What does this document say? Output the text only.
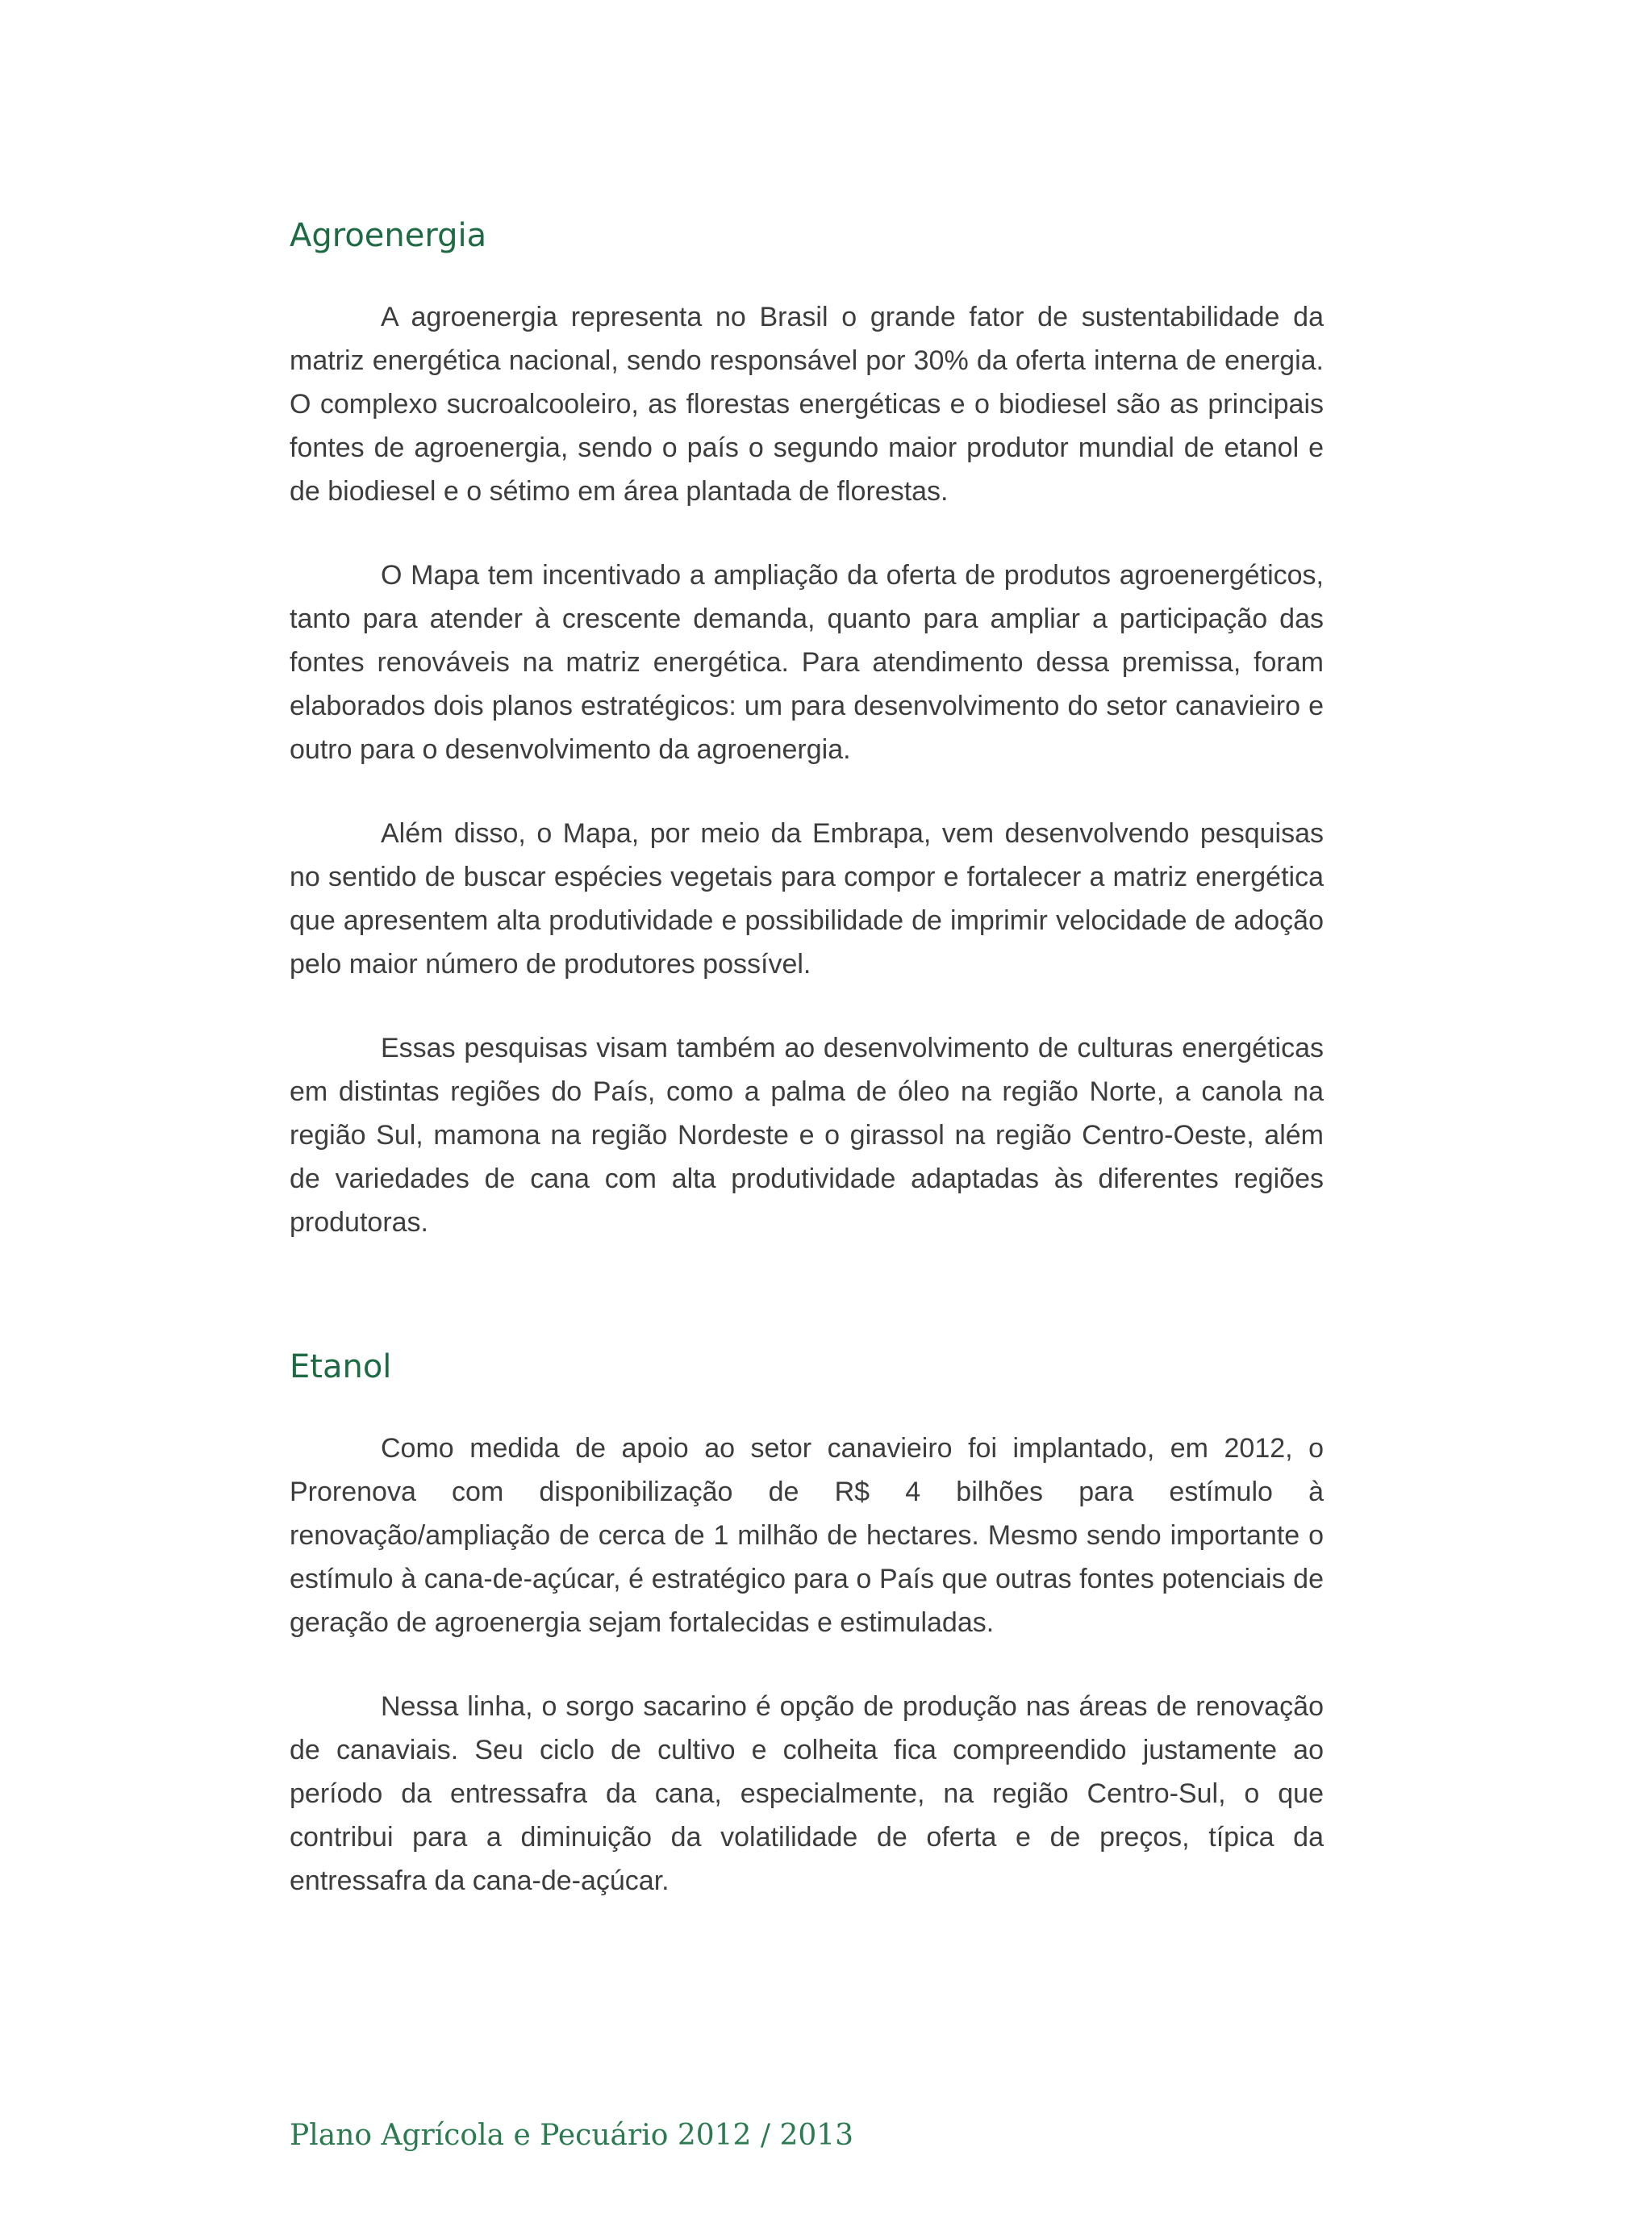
Agroenergia

A agroenergia representa no Brasil o grande fator de sustentabilidade da matriz energética nacional, sendo responsável por 30% da oferta interna de energia. O complexo sucroalcooleiro, as florestas energéticas e o biodiesel são as principais fontes de agroenergia, sendo o país o segundo maior produtor mundial de etanol e de biodiesel e o sétimo em área plantada de florestas.

O Mapa tem incentivado a ampliação da oferta de produtos agroenergéticos, tanto para atender à crescente demanda, quanto para ampliar a participação das fontes renováveis na matriz energética. Para atendimento dessa premissa, foram elaborados dois planos estratégicos: um para desenvolvimento do setor canavieiro e outro para o desenvolvimento da agroenergia.

Além disso, o Mapa, por meio da Embrapa, vem desenvolvendo pesquisas no sentido de buscar espécies vegetais para compor e fortalecer a matriz energética que apresentem alta produtividade e possibilidade de imprimir velocidade de adoção pelo maior número de produtores possível.

Essas pesquisas visam também ao desenvolvimento de culturas energéticas em distintas regiões do País, como a palma de óleo na região Norte, a canola na região Sul, mamona na região Nordeste e o girassol na região Centro-Oeste, além de variedades de cana com alta produtividade adaptadas às diferentes regiões produtoras.

Etanol

Como medida de apoio ao setor canavieiro foi implantado, em 2012, o Prorenova com disponibilização de R$ 4 bilhões para estímulo à renovação/ampliação de cerca de 1 milhão de hectares. Mesmo sendo importante o estímulo à cana-de-açúcar, é estratégico para o País que outras fontes potenciais de geração de agroenergia sejam fortalecidas e estimuladas.

Nessa linha, o sorgo sacarino é opção de produção nas áreas de renovação de canaviais. Seu ciclo de cultivo e colheita fica compreendido justamente ao período da entressafra da cana, especialmente, na região Centro-Sul, o que contribui para a diminuição da volatilidade de oferta e de preços, típica da entressafra da cana-de-açúcar.

Plano Agrícola e Pecuário 2012 / 2013
